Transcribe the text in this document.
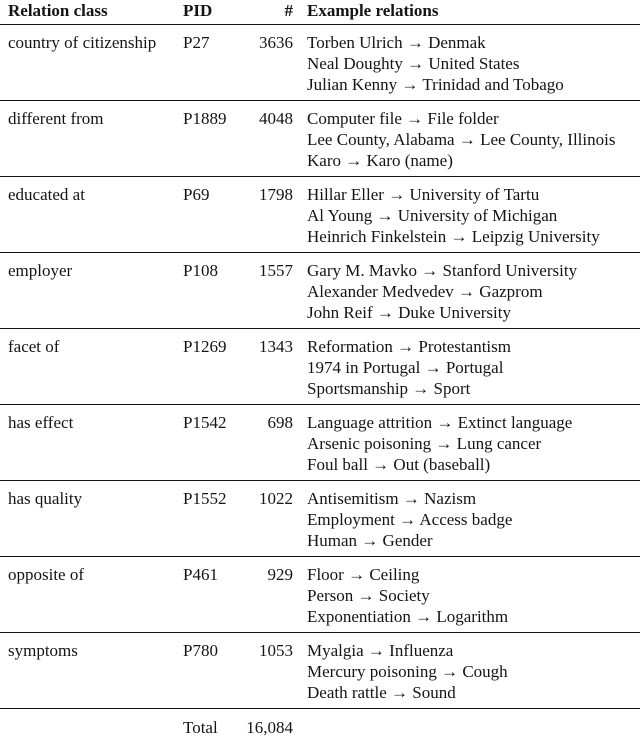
Relation class	PID	#	Example relations
country of citizenship	P27	3636	Torben Ulrich → Denmak
Neal Doughty → United States
Julian Kenny → Trinidad and Tobago

different from	P1889	4048	Computer file → File folder
Lee County, Alabama → Lee County, Illinois
Karo → Karo (name)

educated at	P69	1798	Hillar Eller → University of Tartu
Al Young → University of Michigan
Heinrich Finkelstein → Leipzig University

employer	P108	1557	Gary M. Mavko → Stanford University
Alexander Medvedev → Gazprom
John Reif → Duke University

facet of	P1269	1343	Reformation → Protestantism
1974 in Portugal → Portugal
Sportsmanship → Sport

has effect	P1542	698	Language attrition → Extinct language
Arsenic poisoning → Lung cancer
Foul ball → Out (baseball)

has quality	P1552	1022	Antisemitism → Nazism
Employment → Access badge
Human → Gender

opposite of	P461	929	Floor → Ceiling
Person → Society
Exponentiation → Logarithm

symptoms	P780	1053	Myalgia → Influenza
Mercury poisoning → Cough
Death rattle → Sound

	Total	16,084	
